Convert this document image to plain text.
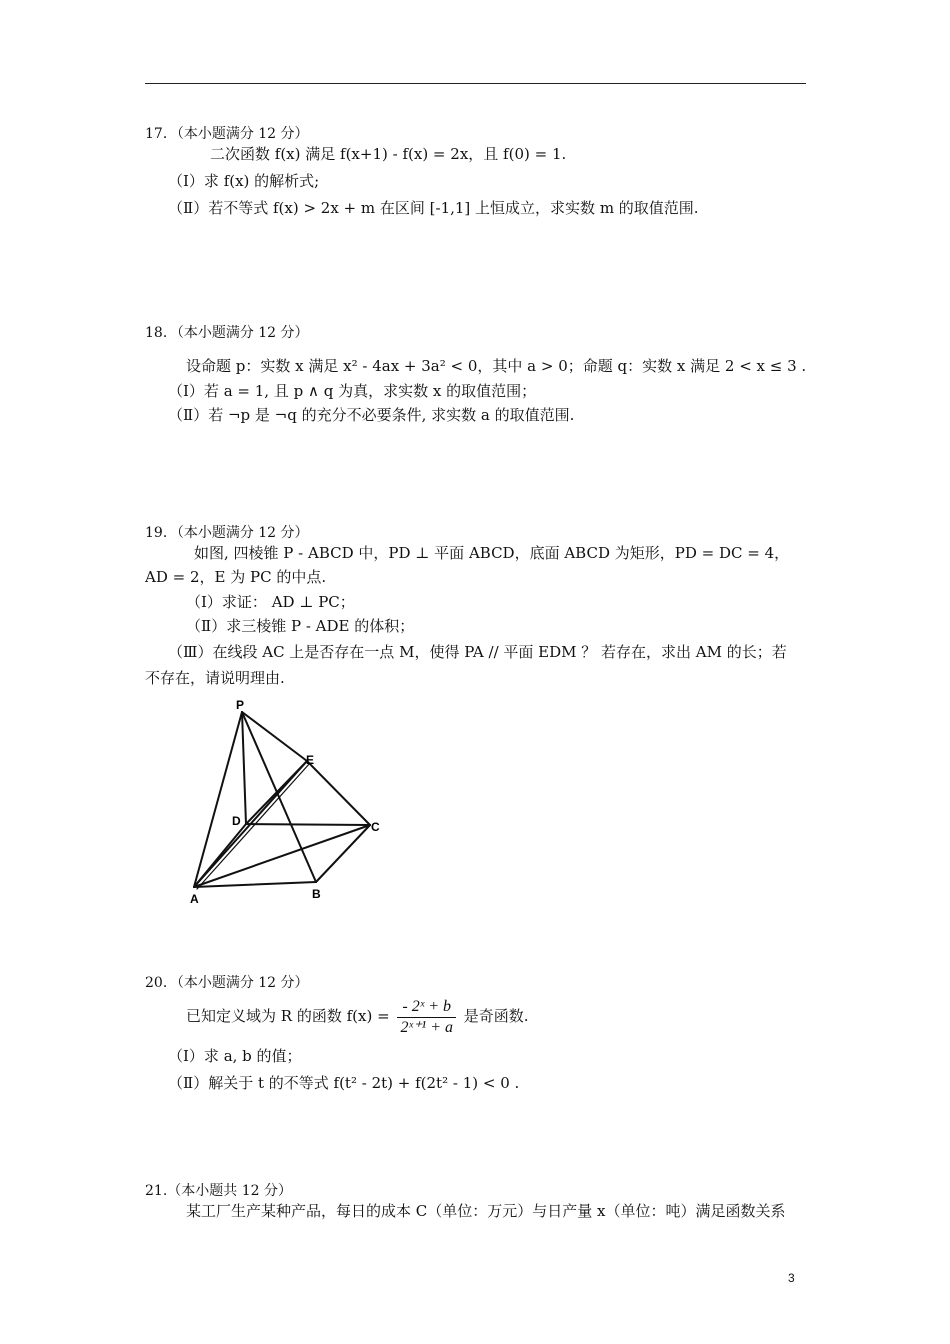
17．（本小题满分 12 分）
二次函数 f(x) 满足 f(x+1) - f(x) = 2x，且 f(0) = 1.
（Ⅰ）求 f(x) 的解析式;
（Ⅱ）若不等式 f(x) > 2x + m 在区间 [-1,1] 上恒成立，求实数 m 的取值范围.
18．（本小题满分 12 分）
设命题 p：实数 x 满足 x² - 4ax + 3a² < 0，其中 a > 0；命题 q：实数 x 满足 2 < x ≤ 3 .
（Ⅰ）若 a = 1, 且 p ∧ q 为真，求实数 x 的取值范围；
（Ⅱ）若 ¬p 是 ¬q 的充分不必要条件, 求实数 a 的取值范围.
19．（本小题满分 12 分）
如图, 四棱锥 P - ABCD 中，PD ⊥ 平面 ABCD，底面 ABCD 为矩形，PD = DC = 4，
AD = 2，E 为 PC 的中点.
（Ⅰ）求证： AD ⊥ PC；
（Ⅱ）求三棱锥 P - ADE 的体积；
（Ⅲ）在线段 AC 上是否存在一点 M，使得 PA // 平面 EDM ？ 若存在，求出 AM 的长；若
不存在，请说明理由.
P
E
D	C
A	B
20．（本小题满分 12 分）
已知定义域为 R 的函数 $f(x) = \frac{\text{- 2ˣ + b}}{\text{2ˣ⁺¹ + a}}$ 是奇函数.
（Ⅰ）求 a, b 的值；
（Ⅱ）解关于 t 的不等式 f(t² - 2t) + f(2t² - 1) < 0 .
21.（本小题共 12 分）
某工厂生产某种产品，每日的成本 C（单位：万元）与日产量 x（单位：吨）满足函数关系
3
